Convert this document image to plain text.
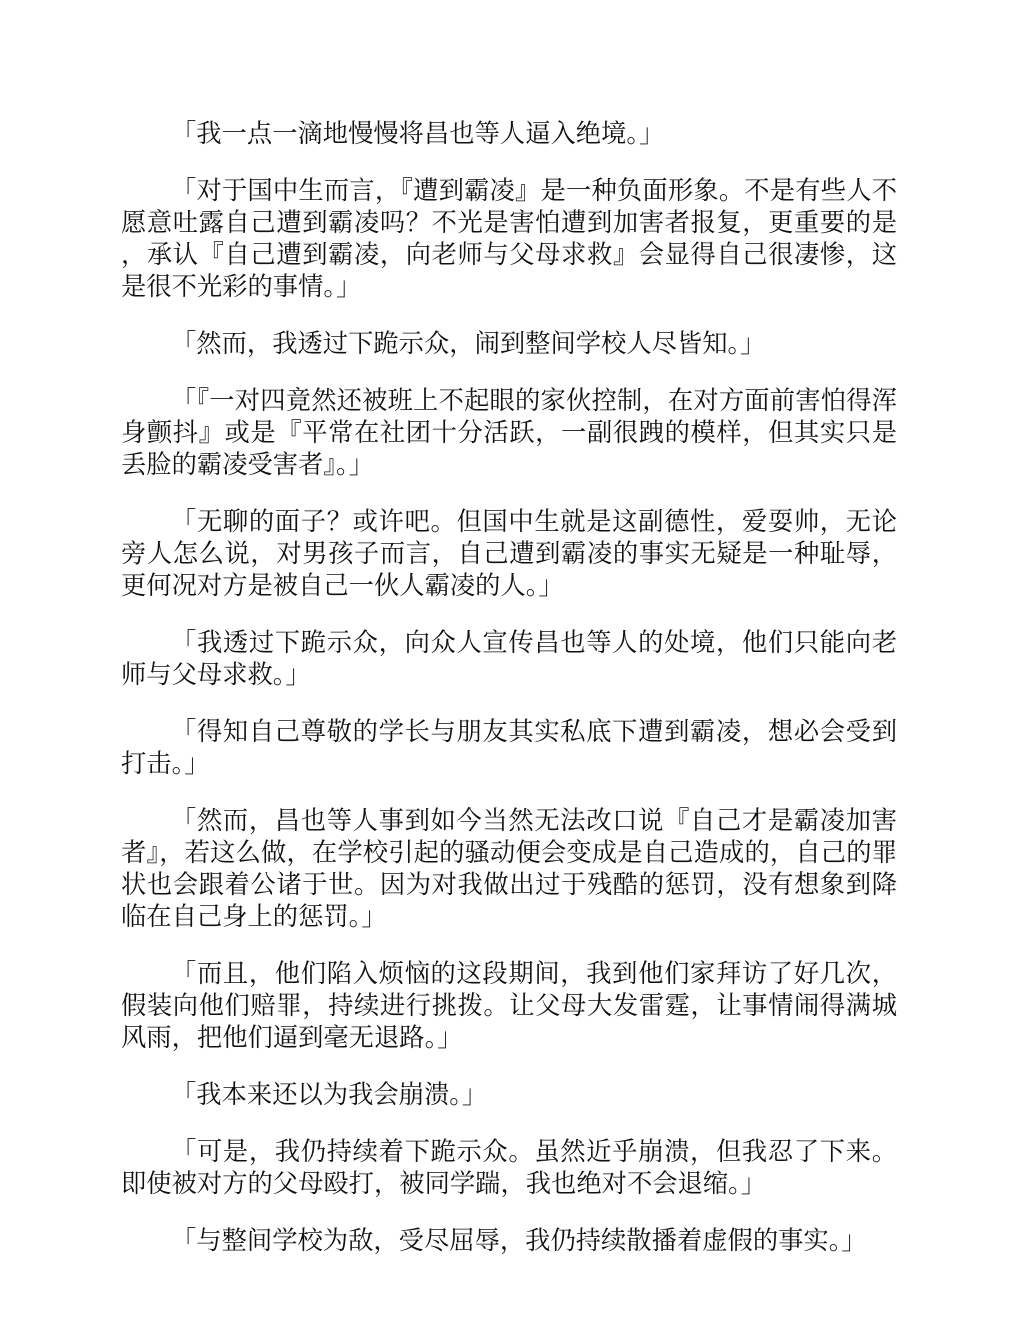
「我一点一滴地慢慢将昌也等人逼入绝境。」

「对于国中生而言，『遭到霸凌』是一种负面形象。不是有些人不愿意吐露自己遭到霸凌吗？不光是害怕遭到加害者报复，更重要的是，承认『自己遭到霸凌，向老师与父母求救』会显得自己很凄惨，这是很不光彩的事情。」

「然而，我透过下跪示众，闹到整间学校人尽皆知。」

「『一对四竟然还被班上不起眼的家伙控制，在对方面前害怕得浑身颤抖』或是『平常在社团十分活跃，一副很跩的模样，但其实只是丢脸的霸凌受害者』。」

「无聊的面子？或许吧。但国中生就是这副德性，爱耍帅，无论旁人怎么说，对男孩子而言，自己遭到霸凌的事实无疑是一种耻辱，更何况对方是被自己一伙人霸凌的人。」

「我透过下跪示众，向众人宣传昌也等人的处境，他们只能向老师与父母求救。」

「得知自己尊敬的学长与朋友其实私底下遭到霸凌，想必会受到打击。」

「然而，昌也等人事到如今当然无法改口说『自己才是霸凌加害者』，若这么做，在学校引起的骚动便会变成是自己造成的，自己的罪状也会跟着公诸于世。因为对我做出过于残酷的惩罚，没有想象到降临在自己身上的惩罚。」

「而且，他们陷入烦恼的这段期间，我到他们家拜访了好几次，假装向他们赔罪，持续进行挑拨。让父母大发雷霆，让事情闹得满城风雨，把他们逼到毫无退路。」

「我本来还以为我会崩溃。」

「可是，我仍持续着下跪示众。虽然近乎崩溃，但我忍了下来。即使被对方的父母殴打，被同学踹，我也绝对不会退缩。」

「与整间学校为敌，受尽屈辱，我仍持续散播着虚假的事实。」
